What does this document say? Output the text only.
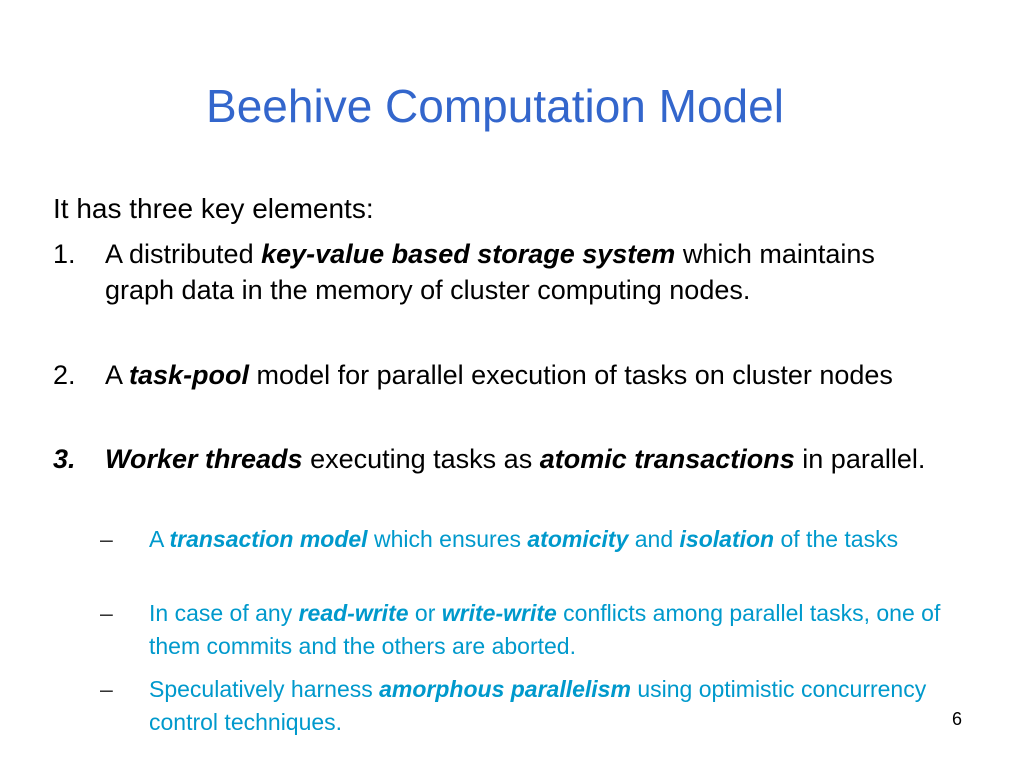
Beehive Computation Model

It has three key elements:

1.	A distributed key-value based storage system which maintains graph data in the memory of cluster computing nodes.
2.	A task-pool model for parallel execution of tasks on cluster nodes
3.	Worker threads executing tasks as atomic transactions in parallel.
–	A transaction model which ensures atomicity and isolation of the tasks
–	In case of any read-write or write-write conflicts among parallel tasks, one of them commits and the others are aborted.
–	Speculatively harness amorphous parallelism using optimistic concurrency control techniques.	6
